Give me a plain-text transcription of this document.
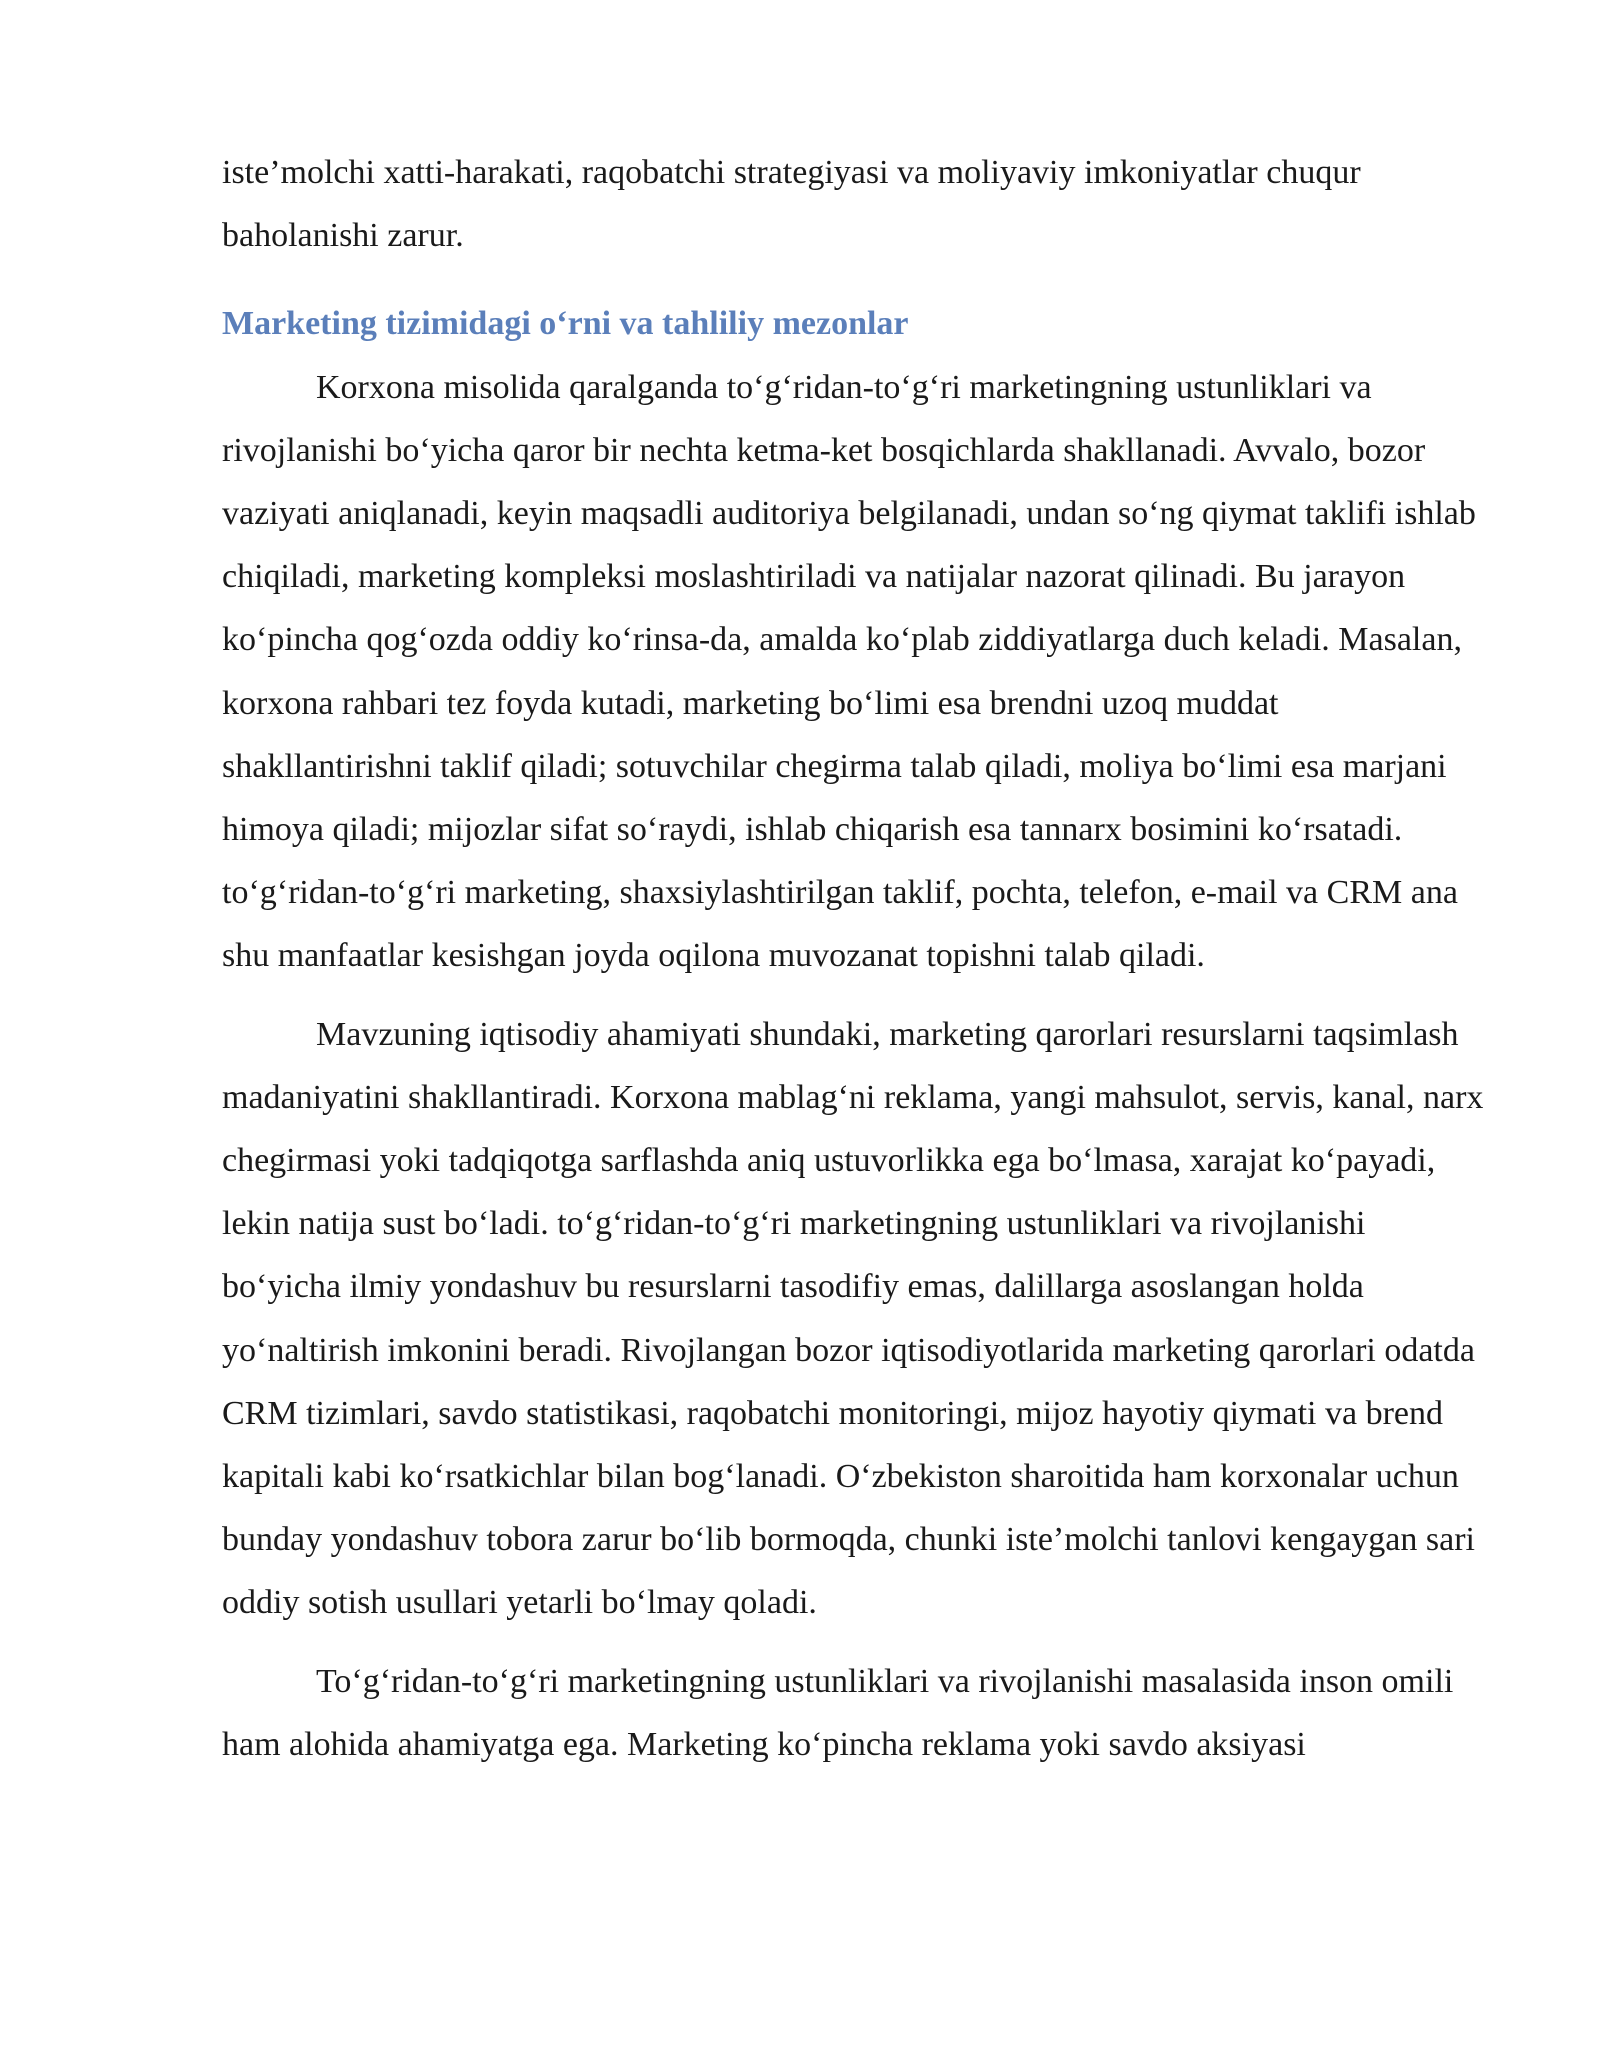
iste’molchi xatti-harakati, raqobatchi strategiyasi va moliyaviy imkoniyatlar chuqur baholanishi zarur.

Marketing tizimidagi o‘rni va tahliliy mezonlar

Korxona misolida qaralganda to‘g‘ridan-to‘g‘ri marketingning ustunliklari va rivojlanishi bo‘yicha qaror bir nechta ketma-ket bosqichlarda shakllanadi. Avvalo, bozor vaziyati aniqlanadi, keyin maqsadli auditoriya belgilanadi, undan so‘ng qiymat taklifi ishlab chiqiladi, marketing kompleksi moslashtiriladi va natijalar nazorat qilinadi. Bu jarayon ko‘pincha qog‘ozda oddiy ko‘rinsa-da, amalda ko‘plab ziddiyatlarga duch keladi. Masalan, korxona rahbari tez foyda kutadi, marketing bo‘limi esa brendni uzoq muddat shakllantirishni taklif qiladi; sotuvchilar chegirma talab qiladi, moliya bo‘limi esa marjani himoya qiladi; mijozlar sifat so‘raydi, ishlab chiqarish esa tannarx bosimini ko‘rsatadi. to‘g‘ridan-to‘g‘ri marketing, shaxsiylashtirilgan taklif, pochta, telefon, e-mail va CRM ana shu manfaatlar kesishgan joyda oqilona muvozanat topishni talab qiladi.

Mavzuning iqtisodiy ahamiyati shundaki, marketing qarorlari resurslarni taqsimlash madaniyatini shakllantiradi. Korxona mablag‘ni reklama, yangi mahsulot, servis, kanal, narx chegirmasi yoki tadqiqotga sarflashda aniq ustuvorlikka ega bo‘lmasa, xarajat ko‘payadi, lekin natija sust bo‘ladi. to‘g‘ridan-to‘g‘ri marketingning ustunliklari va rivojlanishi bo‘yicha ilmiy yondashuv bu resurslarni tasodifiy emas, dalillarga asoslangan holda yo‘naltirish imkonini beradi. Rivojlangan bozor iqtisodiyotlarida marketing qarorlari odatda CRM tizimlari, savdo statistikasi, raqobatchi monitoringi, mijoz hayotiy qiymati va brend kapitali kabi ko‘rsatkichlar bilan bog‘lanadi. O‘zbekiston sharoitida ham korxonalar uchun bunday yondashuv tobora zarur bo‘lib bormoqda, chunki iste’molchi tanlovi kengaygan sari oddiy sotish usullari yetarli bo‘lmay qoladi.

To‘g‘ridan-to‘g‘ri marketingning ustunliklari va rivojlanishi masalasida inson omili ham alohida ahamiyatga ega. Marketing ko‘pincha reklama yoki savdo aksiyasi
